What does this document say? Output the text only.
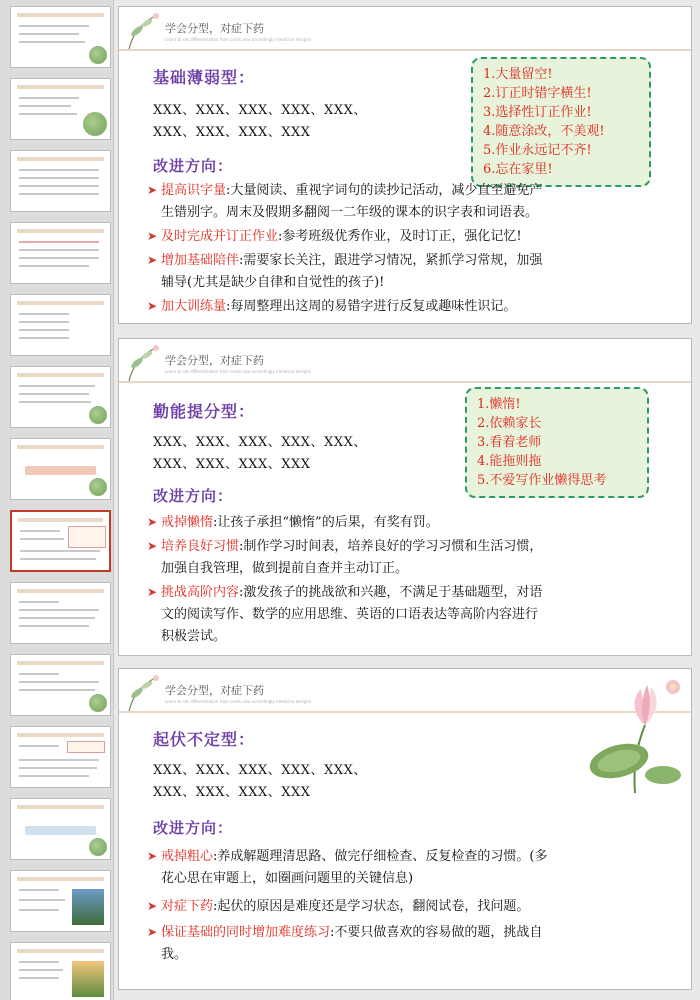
学会分型，对症下药
Learn to set differentiation from cards also accordingly medicine designs
基础薄弱型：
XXX、XXX、XXX、XXX、XXX、
XXX、XXX、XXX、XXX
1.大量留空!
2.订正时错字横生!
3.选择性订正作业!
4.随意涂改，不美观!
5.作业永远记不齐!
6.忘在家里!
改进方向：
➤ 提高识字量:大量阅读、重视字词句的读抄记活动，减少直至避免产
生错别字。周末及假期多翻阅一二年级的课本的识字表和词语表。
➤ 及时完成并订正作业:参考班级优秀作业，及时订正，强化记忆!
➤ 增加基础陪伴:需要家长关注，跟进学习情况，紧抓学习常规，加强
辅导(尤其是缺少自律和自觉性的孩子)!
➤ 加大训练量:每周整理出这周的易错字进行反复或趣味性识记。
学会分型，对症下药
Learn to set differentiation from cards also accordingly medicine designs
勤能提分型：
XXX、XXX、XXX、XXX、XXX、
XXX、XXX、XXX、XXX
1.懒惰!
2.依赖家长
3.看着老师
4.能拖则拖
5.不爱写作业懒得思考
改进方向：
➤ 戒掉懒惰:让孩子承担“懒惰”的后果，有奖有罚。
➤ 培养良好习惯:制作学习时间表，培养良好的学习习惯和生活习惯，
加强自我管理，做到提前自查并主动订正。
➤ 挑战高阶内容:激发孩子的挑战欲和兴趣，不满足于基础题型，对语
文的阅读写作、数学的应用思维、英语的口语表达等高阶内容进行
积极尝试。
学会分型，对症下药
Learn to set differentiation from cards also accordingly medicine designs
起伏不定型：
XXX、XXX、XXX、XXX、XXX、
XXX、XXX、XXX、XXX
改进方向：
➤ 戒掉粗心:养成解题理清思路、做完仔细检查、反复检查的习惯。(多
花心思在审题上，如圈画问题里的关键信息)
➤ 对症下药:起伏的原因是难度还是学习状态，翻阅试卷，找问题。
➤ 保证基础的同时增加难度练习:不要只做喜欢的容易做的题，挑战自
我。
